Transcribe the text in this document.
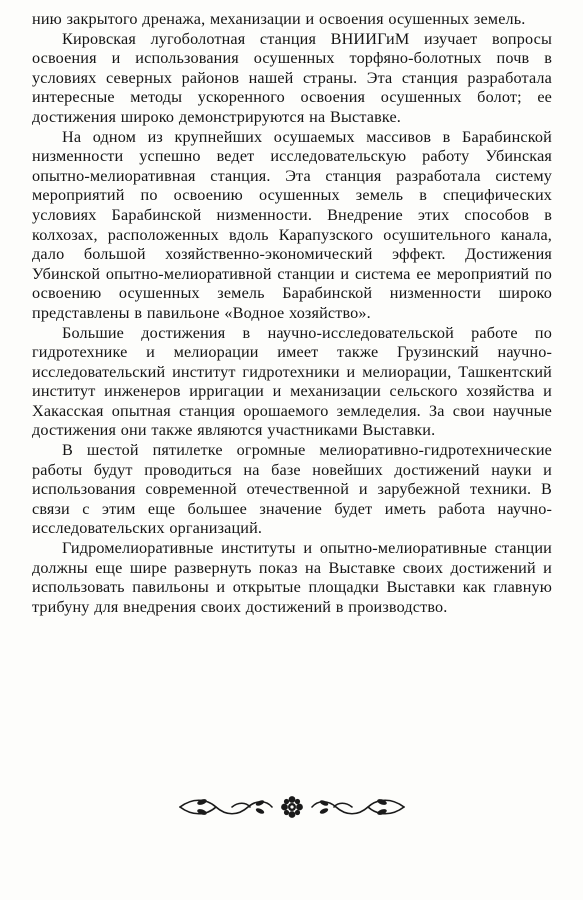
нию закрытого дренажа, механизации и освоения осушенных земель.

Кировская лугоболотная станция ВНИИГиМ изучает вопросы освоения и использования осушенных торфяно-болотных почв в условиях северных районов нашей страны. Эта станция разработала интересные методы ускоренного освоения осушенных болот; ее достижения широко демонстрируются на Выставке.

На одном из крупнейших осушаемых массивов в Барабинской низменности успешно ведет исследовательскую работу Убинская опытно-мелиоративная станция. Эта станция разработала систему мероприятий по освоению осушенных земель в специфических условиях Барабинской низменности. Внедрение этих способов в колхозах, расположенных вдоль Карапузского осушительного канала, дало большой хозяйственно-экономический эффект. Достижения Убинской опытно-мелиоративной станции и система ее мероприятий по освоению осушенных земель Барабинской низменности широко представлены в павильоне «Водное хозяйство».

Большие достижения в научно-исследовательской работе по гидротехнике и мелиорации имеет также Грузинский научно-исследовательский институт гидротехники и мелиорации, Ташкентский институт инженеров ирригации и механизации сельского хозяйства и Хакасская опытная станция орошаемого земледелия. За свои научные достижения они также являются участниками Выставки.

В шестой пятилетке огромные мелиоративно-гидротехнические работы будут проводиться на базе новейших достижений науки и использования современной отечественной и зарубежной техники. В связи с этим еще большее значение будет иметь работа научно-исследовательских организаций.

Гидромелиоративные институты и опытно-мелиоративные станции должны еще шире развернуть показ на Выставке своих достижений и использовать павильоны и открытые площадки Выставки как главную трибуну для внедрения своих достижений в производство.
